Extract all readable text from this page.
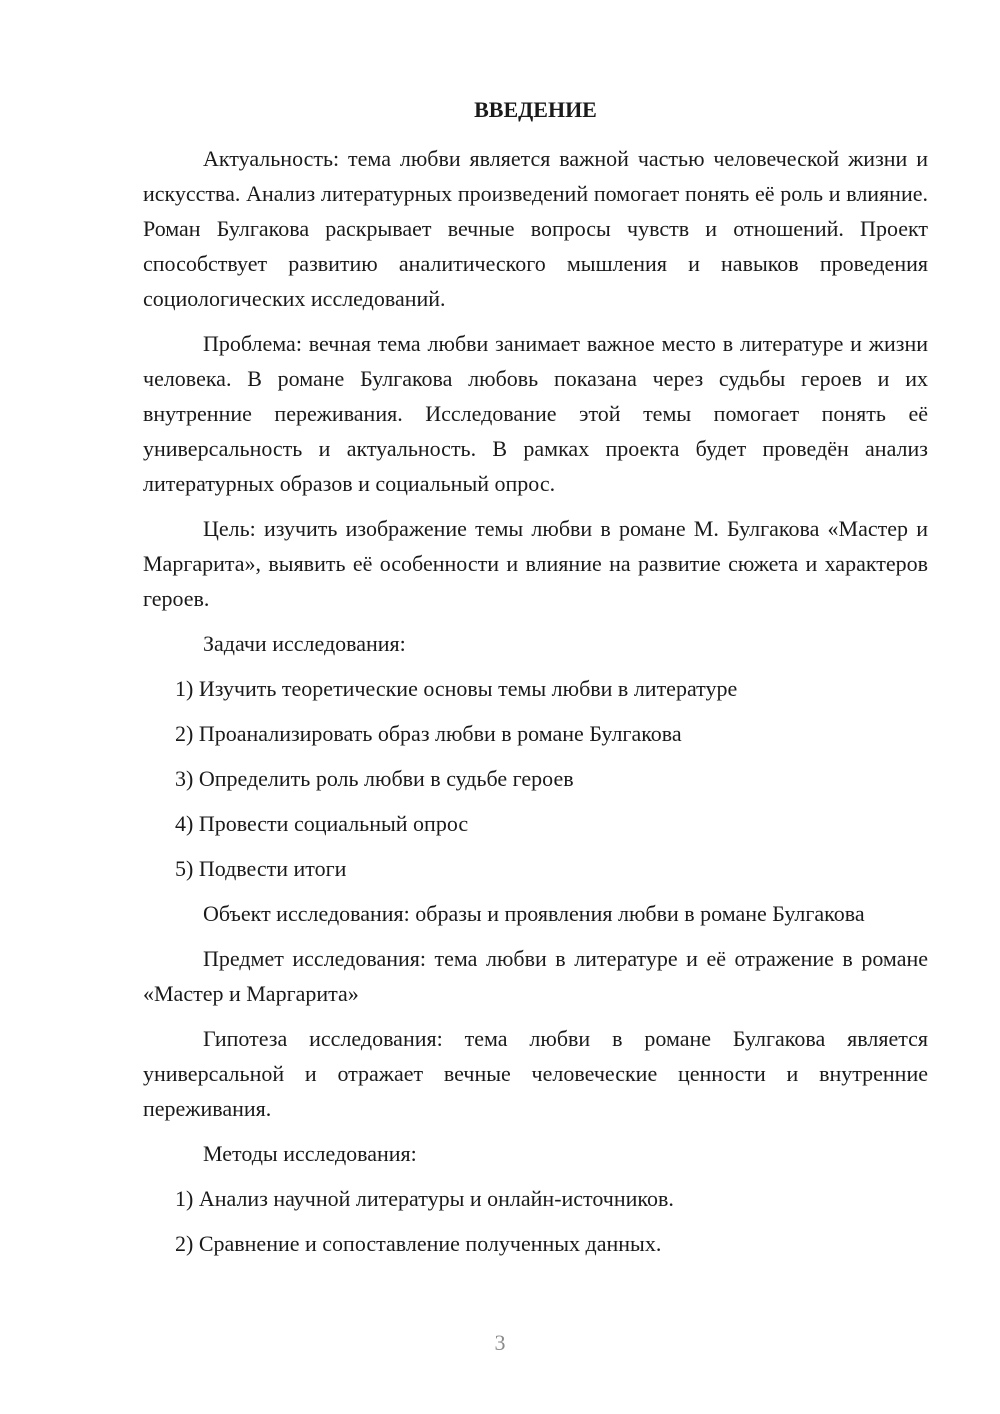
ВВЕДЕНИЕ

Актуальность: тема любви является важной частью человеческой жизни и искусства. Анализ литературных произведений помогает понять её роль и влияние. Роман Булгакова раскрывает вечные вопросы чувств и отношений. Проект способствует развитию аналитического мышления и навыков проведения социологических исследований.

Проблема: вечная тема любви занимает важное место в литературе и жизни человека. В романе Булгакова любовь показана через судьбы героев и их внутренние переживания. Исследование этой темы помогает понять её универсальность и актуальность. В рамках проекта будет проведён анализ литературных образов и социальный опрос.

Цель: изучить изображение темы любви в романе М. Булгакова «Мастер и Маргарита», выявить её особенности и влияние на развитие сюжета и характеров героев.

Задачи исследования:

1) Изучить теоретические основы темы любви в литературе
2) Проанализировать образ любви в романе Булгакова
3) Определить роль любви в судьбе героев
4) Провести социальный опрос
5) Подвести итоги

Объект исследования: образы и проявления любви в романе Булгакова

Предмет исследования: тема любви в литературе и её отражение в романе «Мастер и Маргарита»

Гипотеза исследования: тема любви в романе Булгакова является универсальной и отражает вечные человеческие ценности и внутренние переживания.

Методы исследования:

1) Анализ научной литературы и онлайн-источников.
2) Сравнение и сопоставление полученных данных.
3
